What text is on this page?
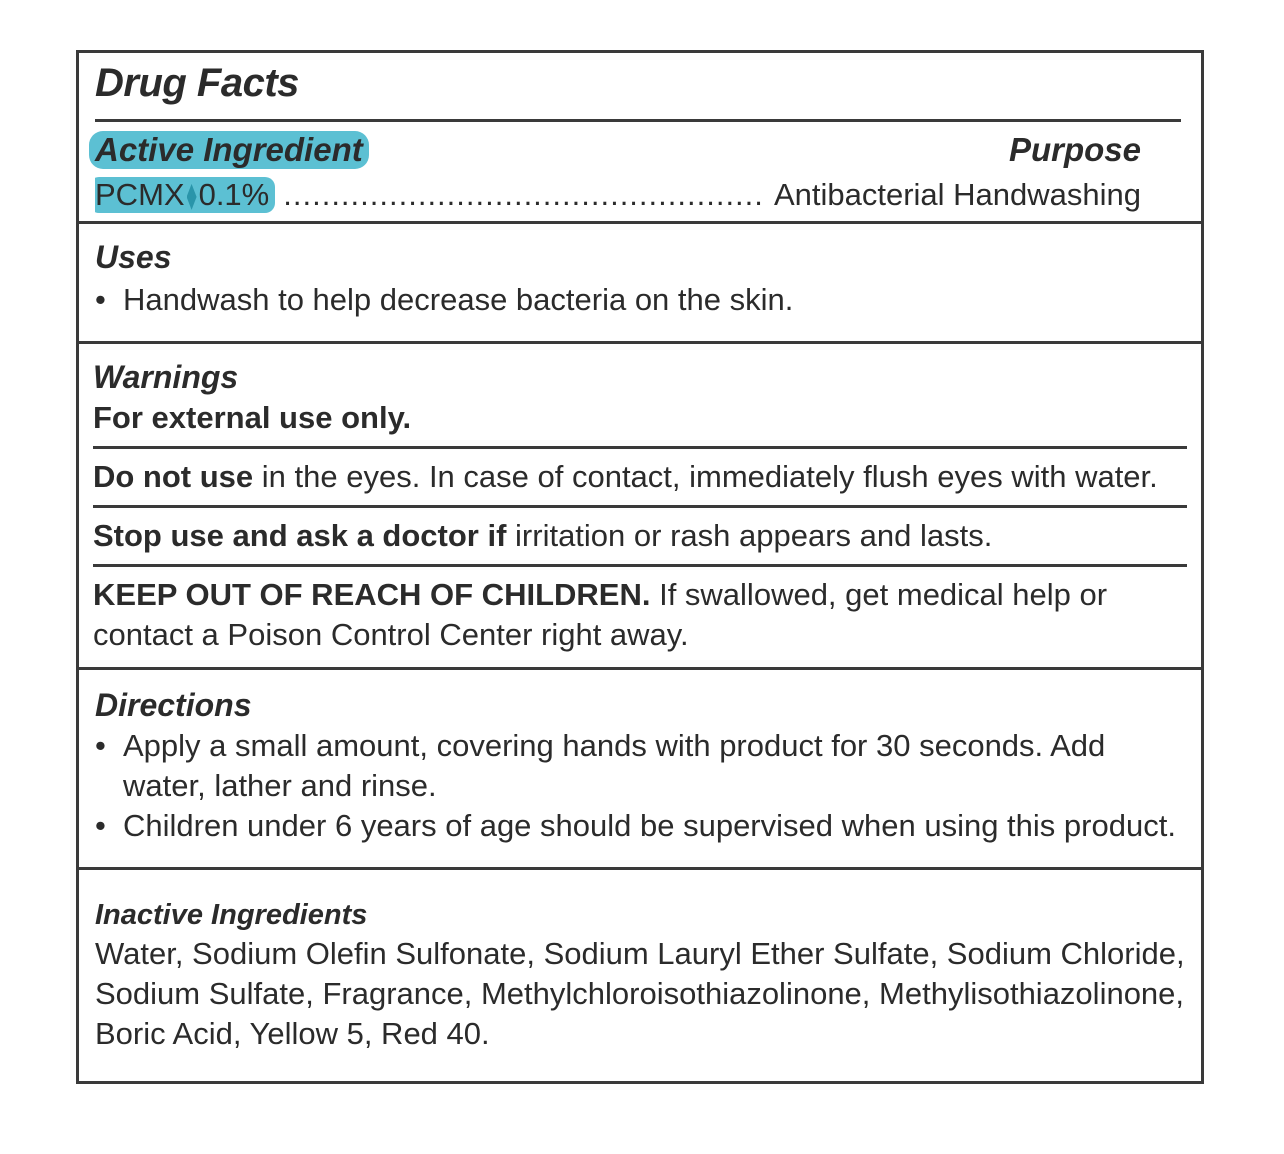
Drug Facts
Active Ingredient	Purpose
PCMX 0.1%
.....	Antibacterial Handwashing
Uses
• Handwash to help decrease bacteria on the skin.
Warnings
For external use only.
Do not use in the eyes. In case of contact, immediately flush eyes with water.
Stop use and ask a doctor if irritation or rash appears and lasts.
KEEP OUT OF REACH OF CHILDREN. If swallowed, get medical help or contact a Poison Control Center right away.
Directions
• Apply a small amount, covering hands with product for 30 seconds. Add water, lather and rinse.
• Children under 6 years of age should be supervised when using this product.
Inactive Ingredients
Water, Sodium Olefin Sulfonate, Sodium Lauryl Ether Sulfate, Sodium Chloride, Sodium Sulfate, Fragrance, Methylchloroisothiazolinone, Methylisothiazolinone, Boric Acid, Yellow 5, Red 40.
